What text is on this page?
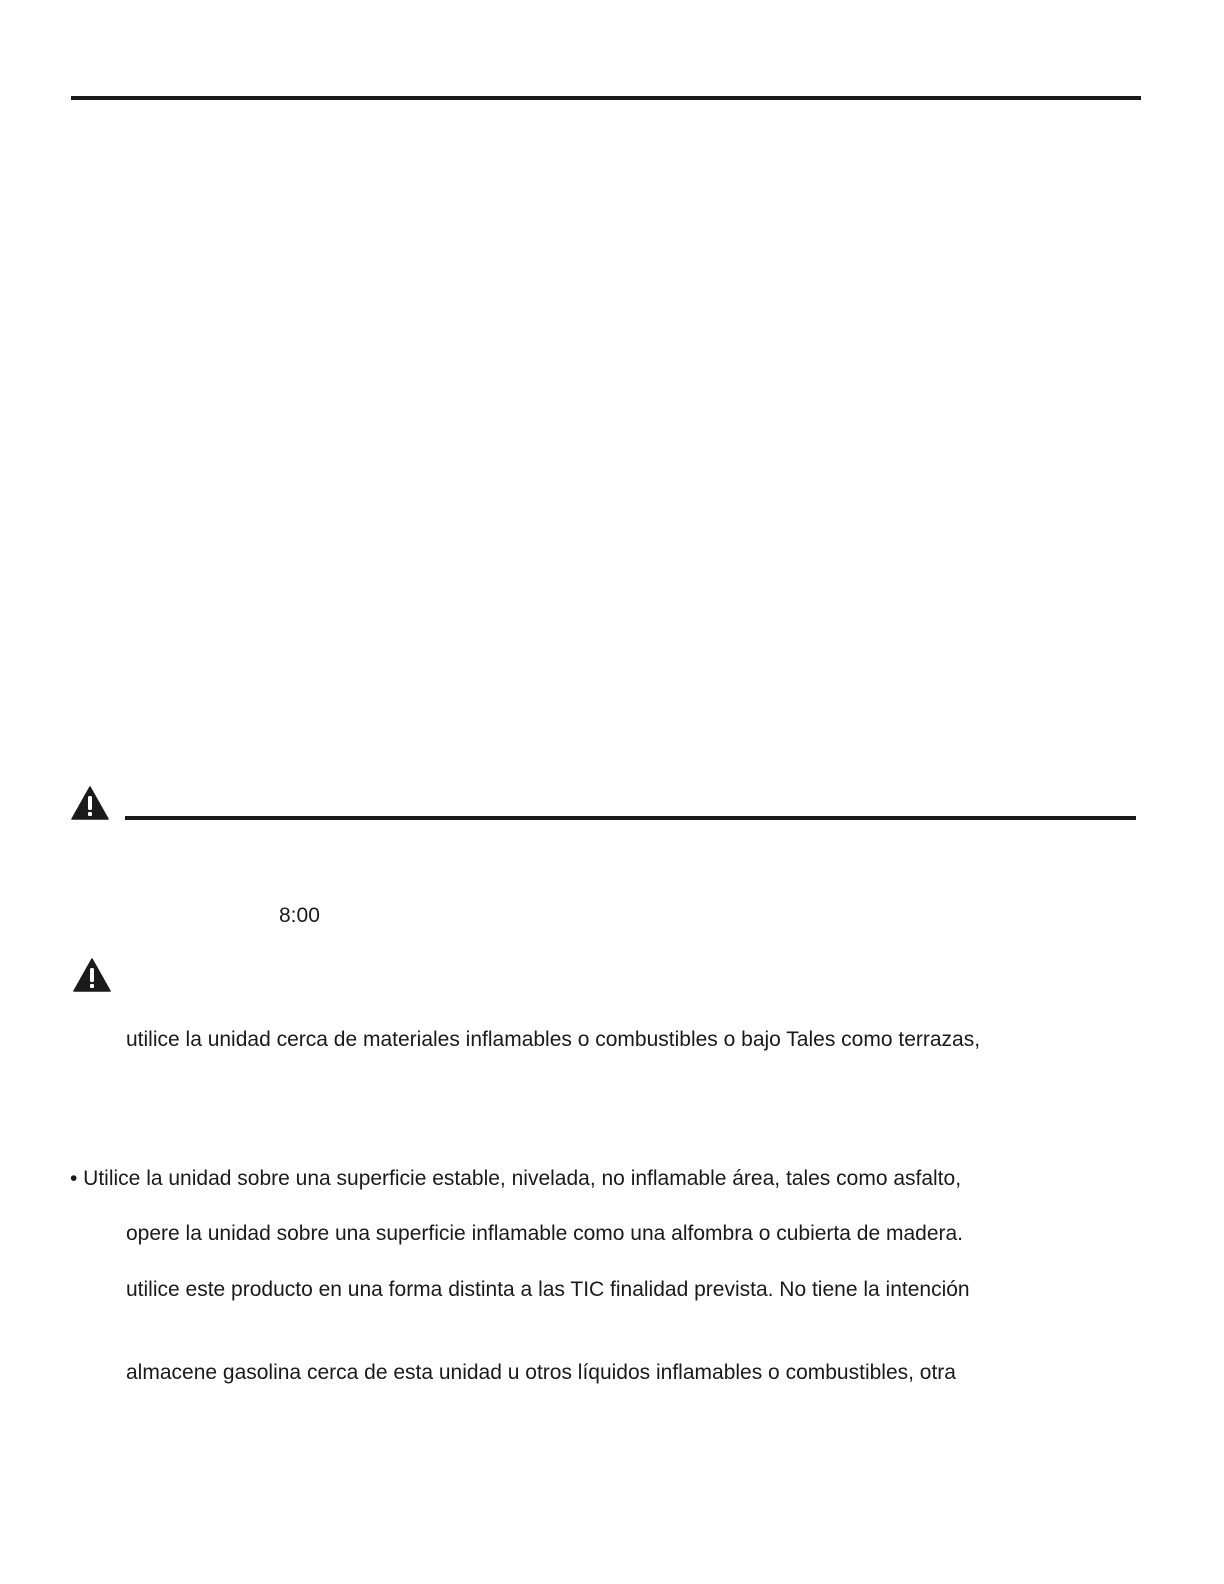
8:00
utilice la unidad cerca de materiales inflamables o combustibles o bajo Tales como terrazas,
• Utilice la unidad sobre una superficie estable, nivelada, no inflamable área, tales como asfalto,
opere la unidad sobre una superficie inflamable como una alfombra o cubierta de madera.
utilice este producto en una forma distinta a las TIC finalidad prevista. No tiene la intención
almacene gasolina cerca de esta unidad u otros líquidos inflamables o combustibles, otra
